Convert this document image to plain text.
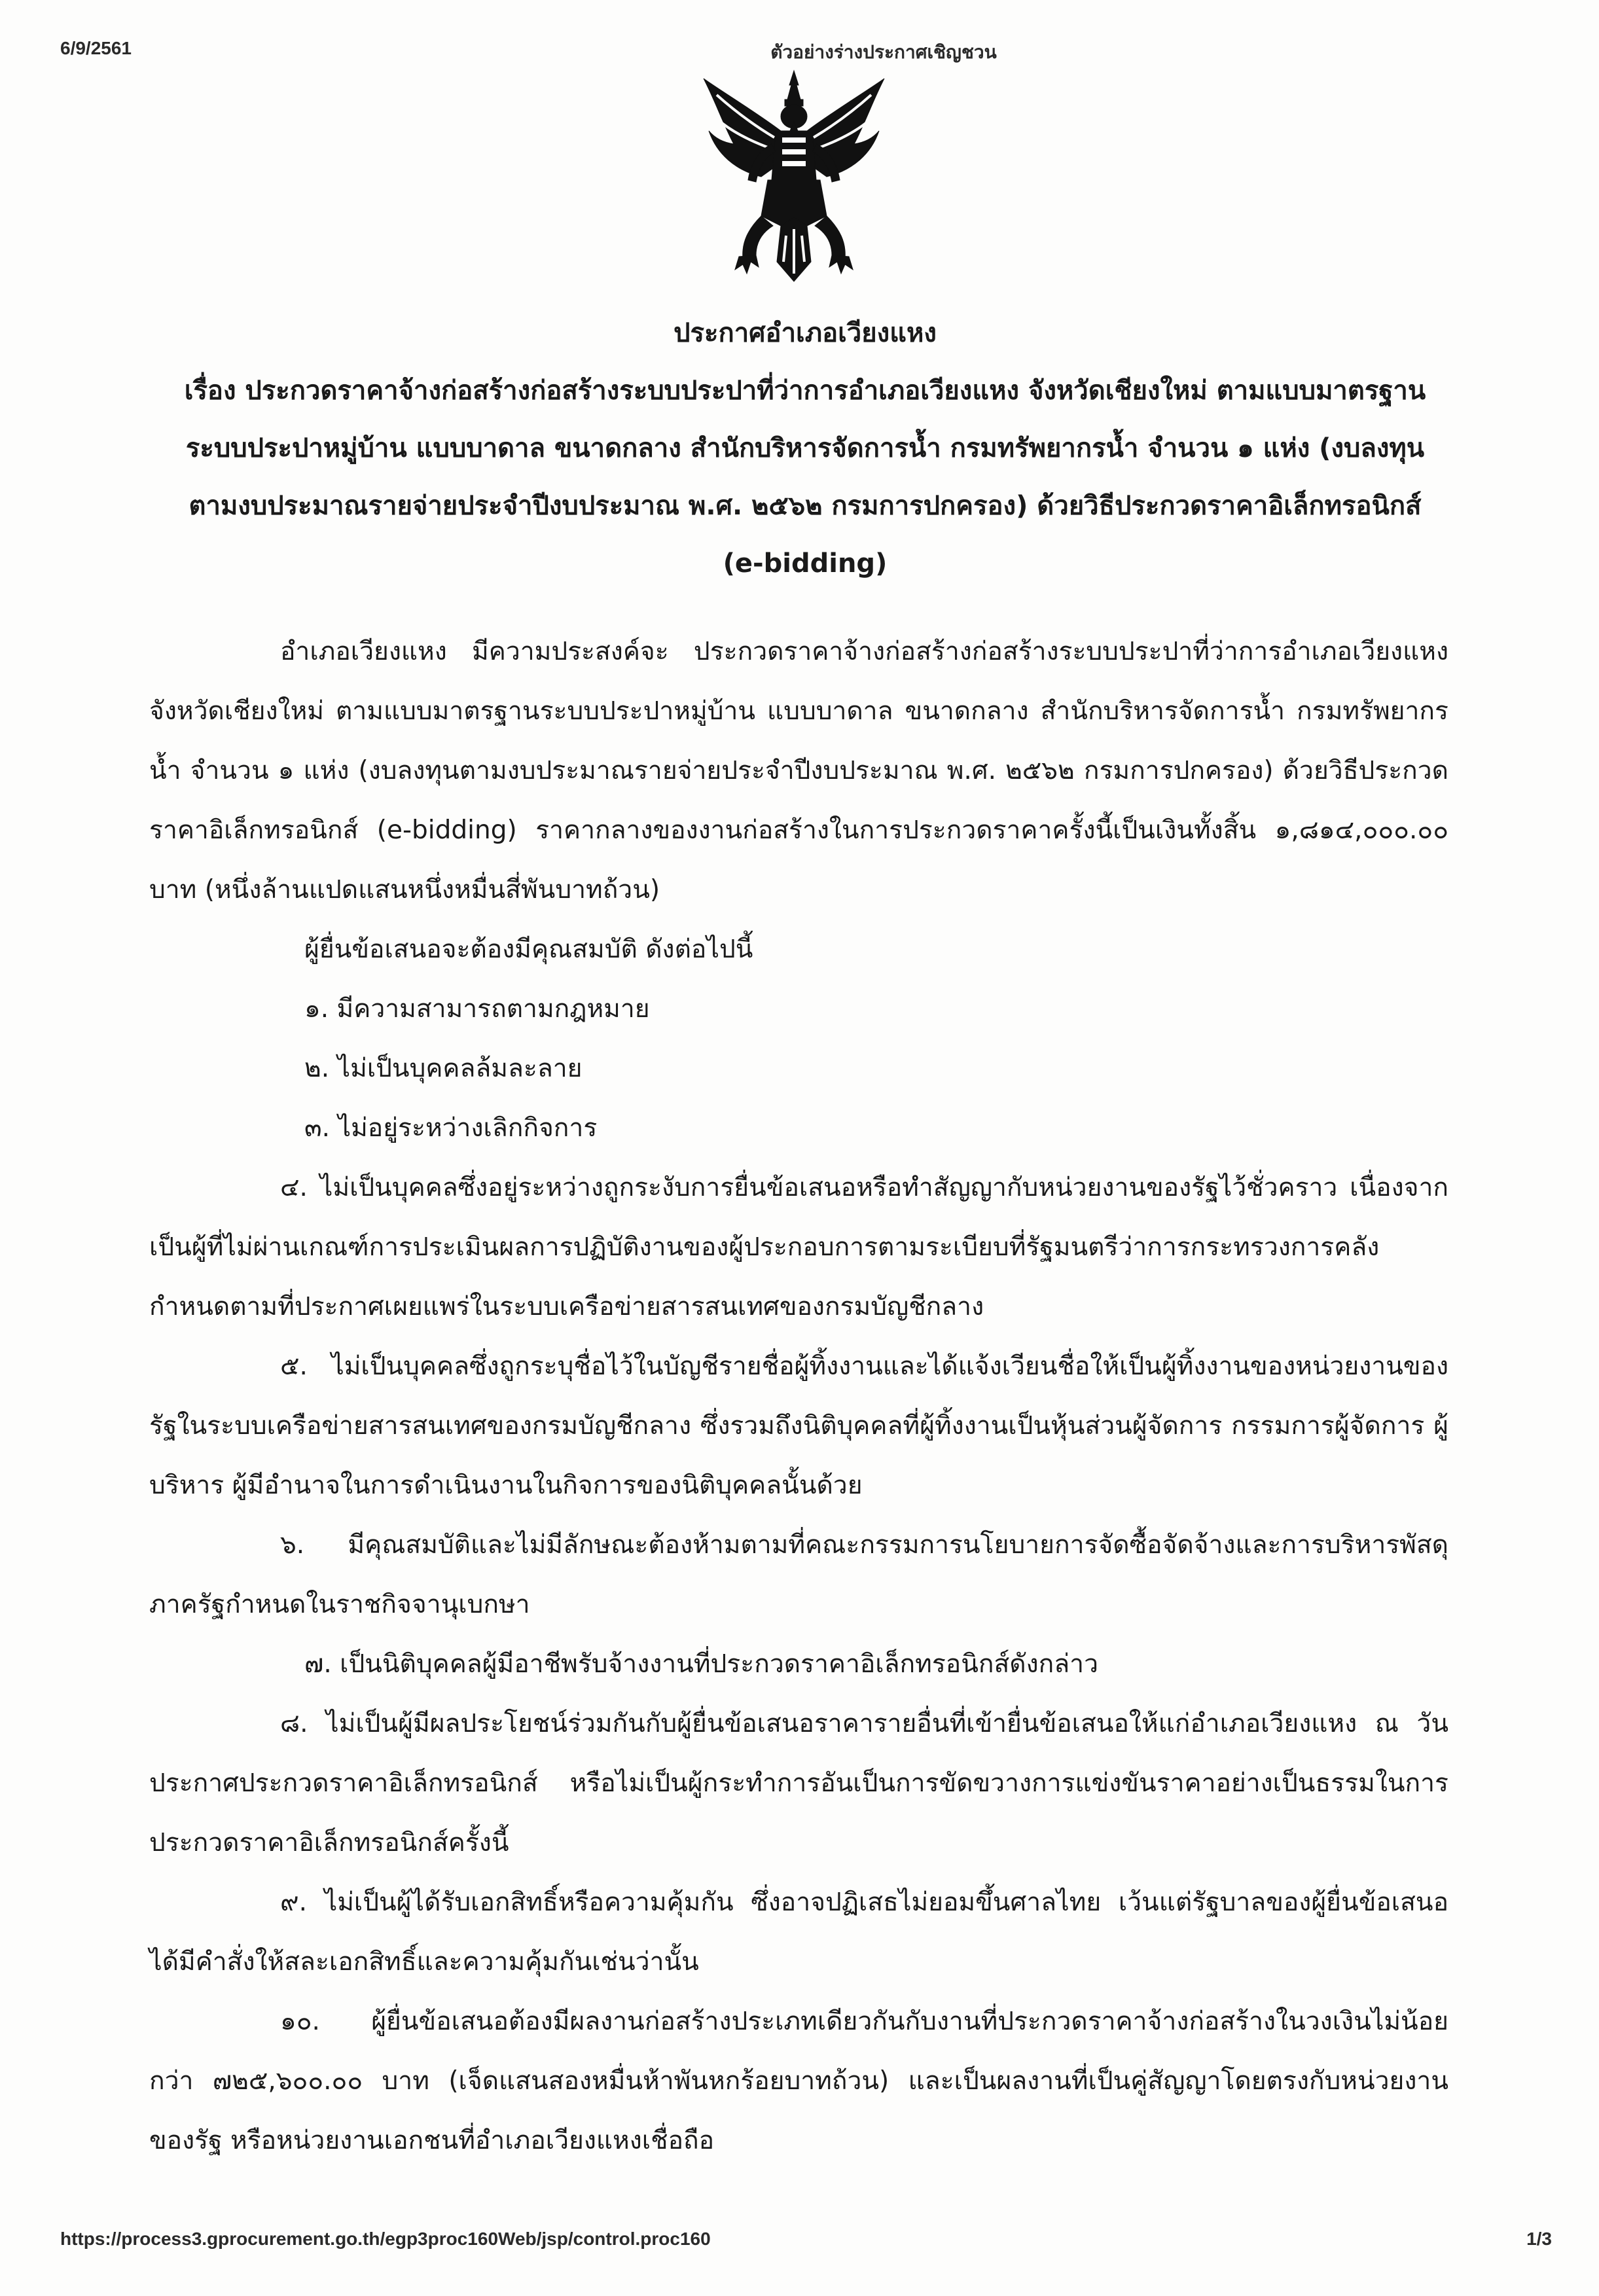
6/9/2561	ตัวอย่างร่างประกาศเชิญชวน
ประกาศอำเภอเวียงแหง
เรื่อง ประกวดราคาจ้างก่อสร้างก่อสร้างระบบประปาที่ว่าการอำเภอเวียงแหง จังหวัดเชียงใหม่ ตามแบบมาตรฐานระบบประปาหมู่บ้าน แบบบาดาล ขนาดกลาง สำนักบริหารจัดการน้ำ กรมทรัพยากรน้ำ จำนวน ๑ แห่ง (งบลงทุนตามงบประมาณรายจ่ายประจำปีงบประมาณ พ.ศ. ๒๕๖๒ กรมการปกครอง) ด้วยวิธีประกวดราคาอิเล็กทรอนิกส์ (e-bidding)

อำเภอเวียงแหง มีความประสงค์จะ ประกวดราคาจ้างก่อสร้างก่อสร้างระบบประปาที่ว่าการอำเภอเวียงแหง จังหวัดเชียงใหม่ ตามแบบมาตรฐานระบบประปาหมู่บ้าน แบบบาดาล ขนาดกลาง สำนักบริหารจัดการน้ำ กรมทรัพยากรน้ำ จำนวน ๑ แห่ง (งบลงทุนตามงบประมาณรายจ่ายประจำปีงบประมาณ พ.ศ. ๒๕๖๒ กรมการปกครอง) ด้วยวิธีประกวดราคาอิเล็กทรอนิกส์ (e-bidding) ราคากลางของงานก่อสร้างในการประกวดราคาครั้งนี้เป็นเงินทั้งสิ้น ๑,๘๑๔,๐๐๐.๐๐ บาท (หนึ่งล้านแปดแสนหนึ่งหมื่นสี่พันบาทถ้วน)

ผู้ยื่นข้อเสนอจะต้องมีคุณสมบัติ ดังต่อไปนี้

๑. มีความสามารถตามกฎหมาย

๒. ไม่เป็นบุคคลล้มละลาย

๓. ไม่อยู่ระหว่างเลิกกิจการ

๔. ไม่เป็นบุคคลซึ่งอยู่ระหว่างถูกระงับการยื่นข้อเสนอหรือทำสัญญากับหน่วยงานของรัฐไว้ชั่วคราว เนื่องจากเป็นผู้ที่ไม่ผ่านเกณฑ์การประเมินผลการปฏิบัติงานของผู้ประกอบการตามระเบียบที่รัฐมนตรีว่าการกระทรวงการคลังกำหนดตามที่ประกาศเผยแพร่ในระบบเครือข่ายสารสนเทศของกรมบัญชีกลาง

๕. ไม่เป็นบุคคลซึ่งถูกระบุชื่อไว้ในบัญชีรายชื่อผู้ทิ้งงานและได้แจ้งเวียนชื่อให้เป็นผู้ทิ้งงานของหน่วยงานของรัฐในระบบเครือข่ายสารสนเทศของกรมบัญชีกลาง ซึ่งรวมถึงนิติบุคคลที่ผู้ทิ้งงานเป็นหุ้นส่วนผู้จัดการ กรรมการผู้จัดการ ผู้บริหาร ผู้มีอำนาจในการดำเนินงานในกิจการของนิติบุคคลนั้นด้วย

๖. มีคุณสมบัติและไม่มีลักษณะต้องห้ามตามที่คณะกรรมการนโยบายการจัดซื้อจัดจ้างและการบริหารพัสดุภาครัฐกำหนดในราชกิจจานุเบกษา

๗. เป็นนิติบุคคลผู้มีอาชีพรับจ้างงานที่ประกวดราคาอิเล็กทรอนิกส์ดังกล่าว

๘. ไม่เป็นผู้มีผลประโยชน์ร่วมกันกับผู้ยื่นข้อเสนอราคารายอื่นที่เข้ายื่นข้อเสนอให้แก่อำเภอเวียงแหง ณ วันประกาศประกวดราคาอิเล็กทรอนิกส์ หรือไม่เป็นผู้กระทำการอันเป็นการขัดขวางการแข่งขันราคาอย่างเป็นธรรมในการประกวดราคาอิเล็กทรอนิกส์ครั้งนี้

๙. ไม่เป็นผู้ได้รับเอกสิทธิ์หรือความคุ้มกัน ซึ่งอาจปฏิเสธไม่ยอมขึ้นศาลไทย เว้นแต่รัฐบาลของผู้ยื่นข้อเสนอได้มีคำสั่งให้สละเอกสิทธิ์และความคุ้มกันเช่นว่านั้น

๑๐. ผู้ยื่นข้อเสนอต้องมีผลงานก่อสร้างประเภทเดียวกันกับงานที่ประกวดราคาจ้างก่อสร้างในวงเงินไม่น้อยกว่า ๗๒๕,๖๐๐.๐๐ บาท (เจ็ดแสนสองหมื่นห้าพันหกร้อยบาทถ้วน) และเป็นผลงานที่เป็นคู่สัญญาโดยตรงกับหน่วยงานของรัฐ หรือหน่วยงานเอกชนที่อำเภอเวียงแหงเชื่อถือ

https://process3.gprocurement.go.th/egp3proc160Web/jsp/control.proc160	1/3
